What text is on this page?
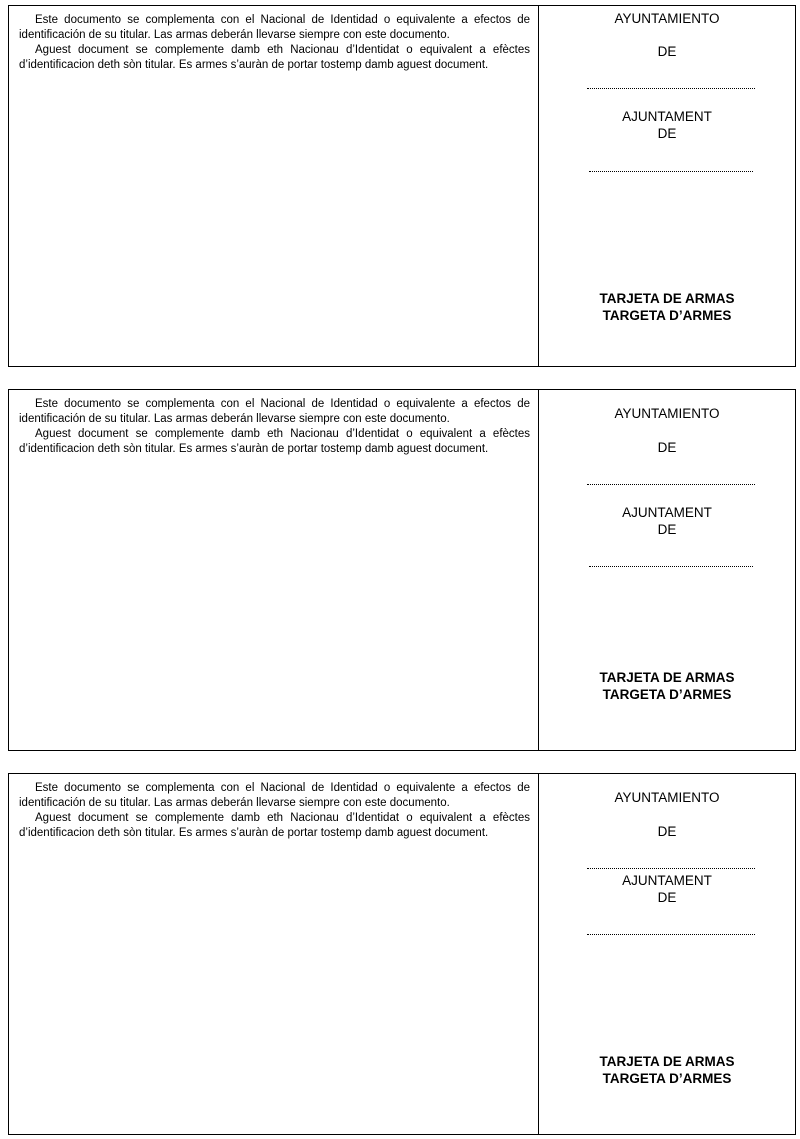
Este documento se complementa con el Nacional de Identidad o equivalente a efectos de identificación de su titular. Las armas deberán llevarse siempre con este documento.

Aguest document se complemente damb eth Nacionau d’Identidat o equivalent a efèctes d’identificacion deth sòn titular. Es armes s’auràn de portar tostemp damb aguest document.

AYUNTAMIENTO
DE
AJUNTAMENT
DE
TARJETA DE ARMAS
TARGETA D’ARMES

Este documento se complementa con el Nacional de Identidad o equivalente a efectos de identificación de su titular. Las armas deberán llevarse siempre con este documento.

Aguest document se complemente damb eth Nacionau d’Identidat o equivalent a efèctes d’identificacion deth sòn titular. Es armes s’auràn de portar tostemp damb aguest document.

AYUNTAMIENTO
DE
AJUNTAMENT
DE
TARJETA DE ARMAS
TARGETA D’ARMES

Este documento se complementa con el Nacional de Identidad o equivalente a efectos de identificación de su titular. Las armas deberán llevarse siempre con este documento.

Aguest document se complemente damb eth Nacionau d’Identidat o equivalent a efèctes d’identificacion deth sòn titular. Es armes s’auràn de portar tostemp damb aguest document.

AYUNTAMIENTO
DE
AJUNTAMENT
DE
TARJETA DE ARMAS
TARGETA D’ARMES
